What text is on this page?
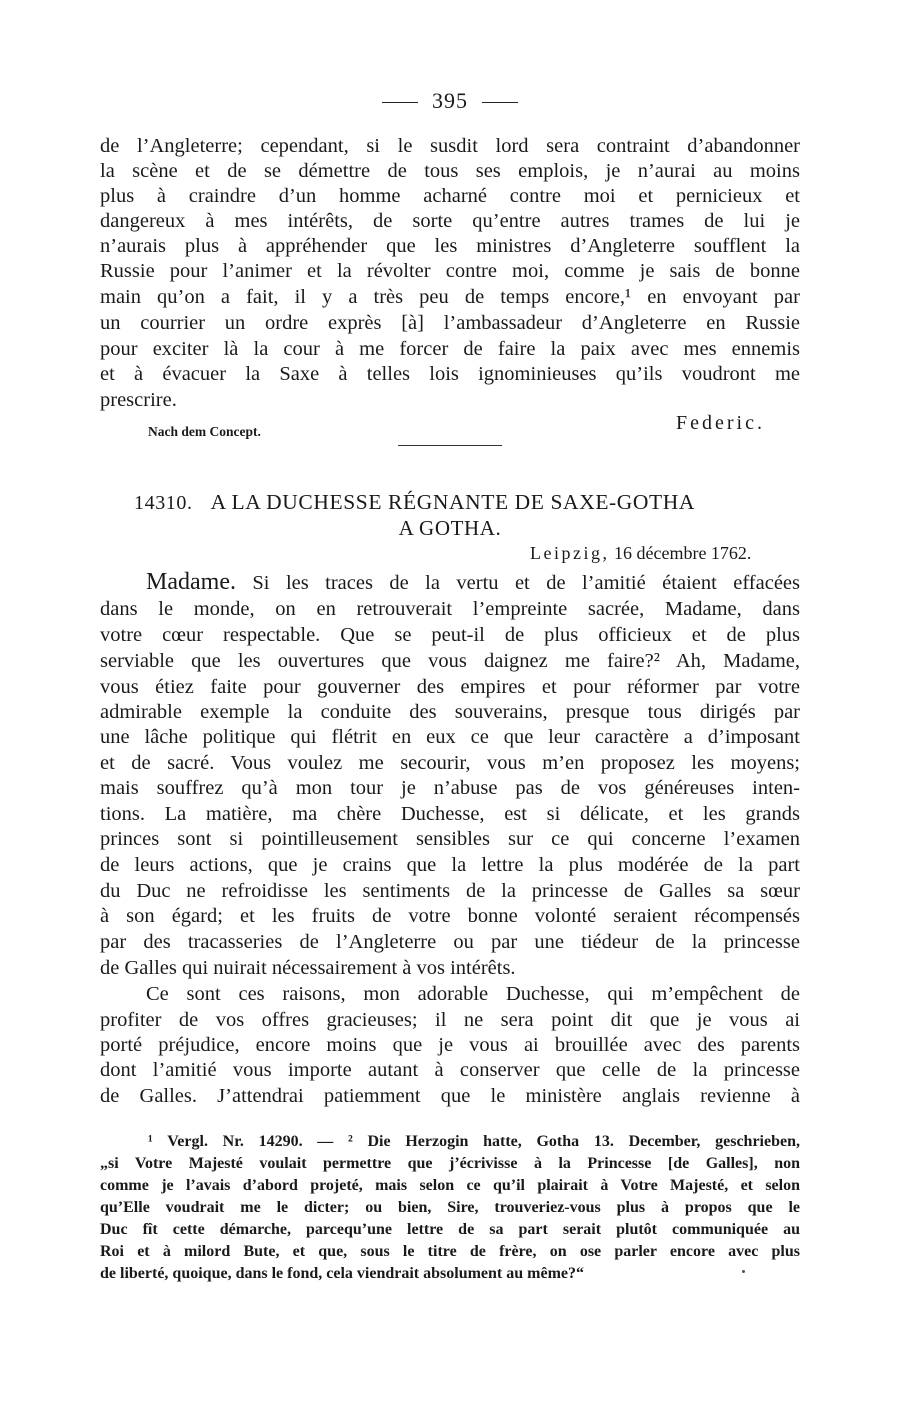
395
de l’Angleterre; cependant, si le susdit lord sera contraint d’abandonner
la scène et de se démettre de tous ses emplois, je n’aurai au moins
plus à craindre d’un homme acharné contre moi et pernicieux et
dangereux à mes intérêts, de sorte qu’entre autres trames de lui je
n’aurais plus à appréhender que les ministres d’Angleterre soufflent la
Russie pour l’animer et la révolter contre moi, comme je sais de bonne
main qu’on a fait, il y a très peu de temps encore,¹ en envoyant par
un courrier un ordre exprès [à] l’ambassadeur d’Angleterre en Russie
pour exciter là la cour à me forcer de faire la paix avec mes ennemis
et à évacuer la Saxe à telles lois ignominieuses qu’ils voudront me
prescrire.
Nach dem Concept.	Federic.
14310. A LA DUCHESSE RÉGNANTE DE SAXE-GOTHA
A GOTHA.
Leipzig, 16 décembre 1762.
Madame. Si les traces de la vertu et de l’amitié étaient effacées
dans le monde, on en retrouverait l’empreinte sacrée, Madame, dans
votre cœur respectable. Que se peut-il de plus officieux et de plus
serviable que les ouvertures que vous daignez me faire?² Ah, Madame,
vous étiez faite pour gouverner des empires et pour réformer par votre
admirable exemple la conduite des souverains, presque tous dirigés par
une lâche politique qui flétrit en eux ce que leur caractère a d’imposant
et de sacré. Vous voulez me secourir, vous m’en proposez les moyens;
mais souffrez qu’à mon tour je n’abuse pas de vos généreuses inten-
tions. La matière, ma chère Duchesse, est si délicate, et les grands
princes sont si pointilleusement sensibles sur ce qui concerne l’examen
de leurs actions, que je crains que la lettre la plus modérée de la part
du Duc ne refroidisse les sentiments de la princesse de Galles sa sœur
à son égard; et les fruits de votre bonne volonté seraient récompensés
par des tracasseries de l’Angleterre ou par une tiédeur de la princesse
de Galles qui nuirait nécessairement à vos intérêts.
Ce sont ces raisons, mon adorable Duchesse, qui m’empêchent de
profiter de vos offres gracieuses; il ne sera point dit que je vous ai
porté préjudice, encore moins que je vous ai brouillée avec des parents
dont l’amitié vous importe autant à conserver que celle de la princesse
de Galles. J’attendrai patiemment que le ministère anglais revienne à
¹ Vergl. Nr. 14290. — ² Die Herzogin hatte, Gotha 13. December, geschrieben,
„si Votre Majesté voulait permettre que j’écrivisse à la Princesse [de Galles], non
comme je l’avais d’abord projeté, mais selon ce qu’il plairait à Votre Majesté, et selon
qu’Elle voudrait me le dicter; ou bien, Sire, trouveriez-vous plus à propos que le
Duc fît cette démarche, parcequ’une lettre de sa part serait plutôt communiquée au
Roi et à milord Bute, et que, sous le titre de frère, on ose parler encore avec plus
de liberté, quoique, dans le fond, cela viendrait absolument au même?“
